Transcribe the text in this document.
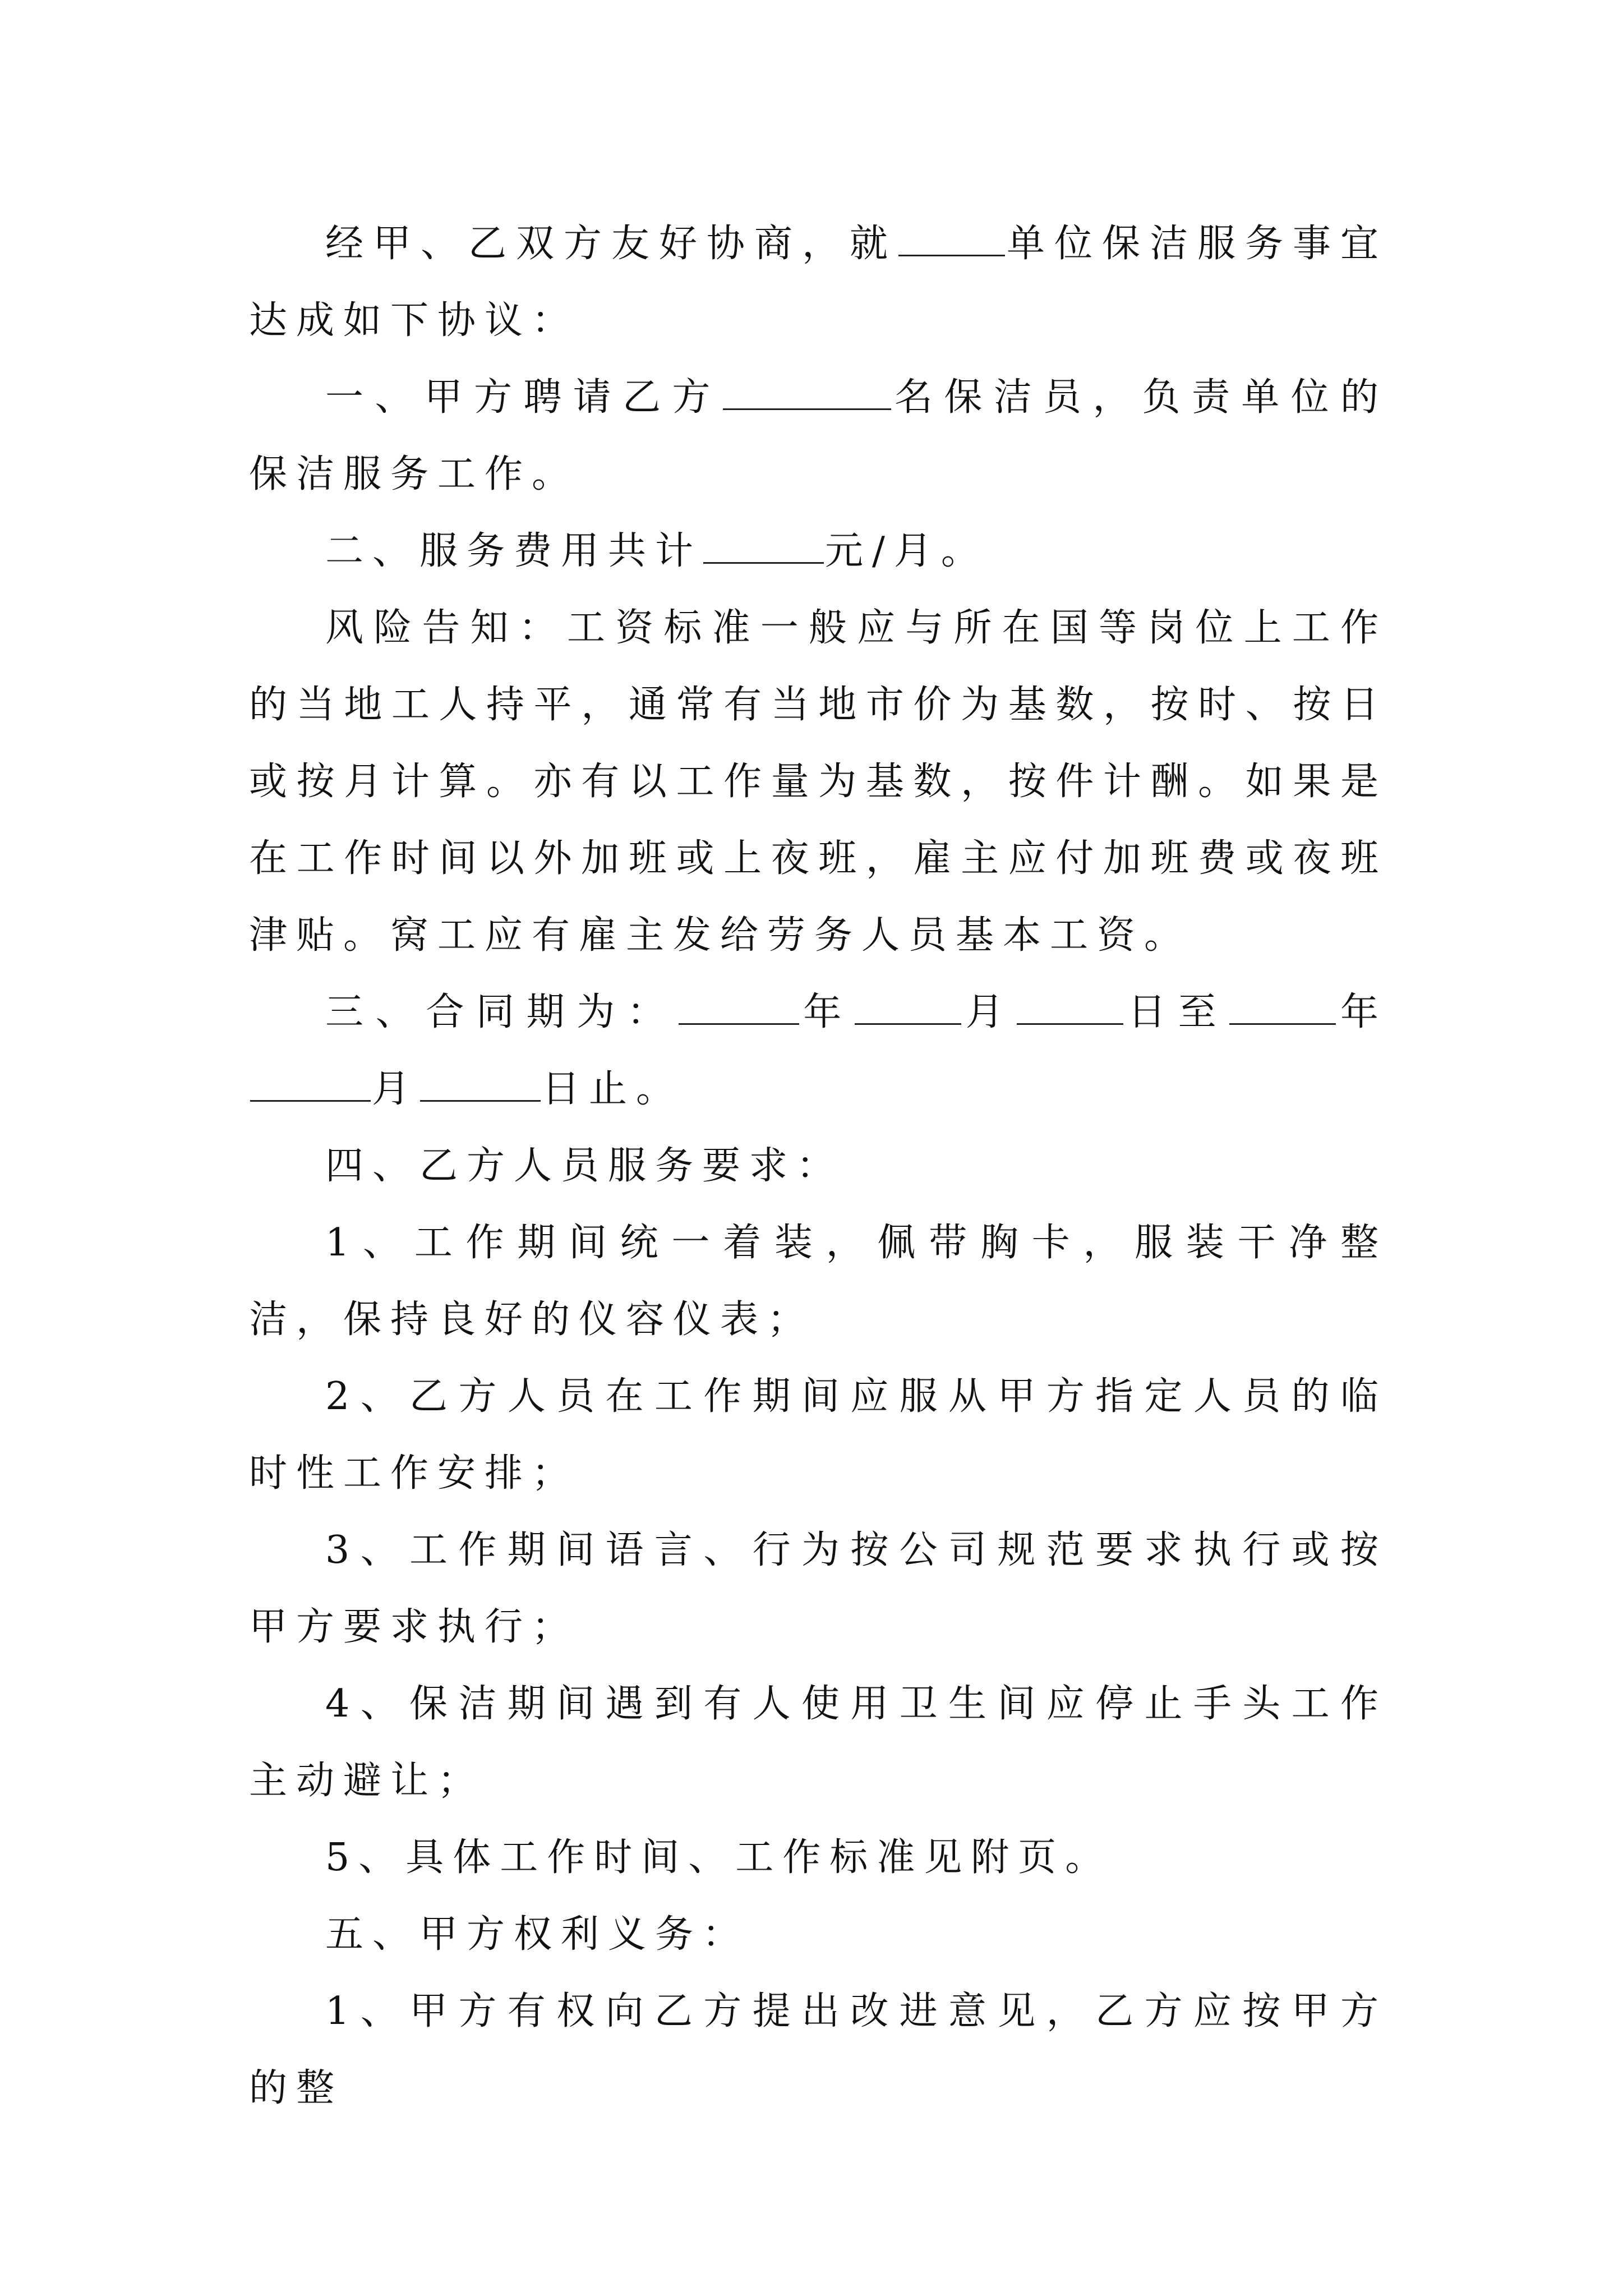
经甲、乙双方友好协商，就	单位保洁服务事宜达成如下协议：

一、甲方聘请乙方	名保洁员，负责单位的保洁服务工作。

二、服务费用共计	元/月。

风险告知：工资标准一般应与所在国等岗位上工作的当地工人持平，通常有当地市价为基数，按时、按日或按月计算。亦有以工作量为基数，按件计酬。如果是在工作时间以外加班或上夜班，雇主应付加班费或夜班津贴。窝工应有雇主发给劳务人员基本工资。

三、合同期为：	年	月	日至	年月	日止。

四、乙方人员服务要求：

1、工作期间统一着装，佩带胸卡，服装干净整洁，保持良好的仪容仪表；

2、乙方人员在工作期间应服从甲方指定人员的临时性工作安排；

3、工作期间语言、行为按公司规范要求执行或按甲方要求执行；

4、保洁期间遇到有人使用卫生间应停止手头工作主动避让；

5、具体工作时间、工作标准见附页。

五、甲方权利义务：

1、甲方有权向乙方提出改进意见，乙方应按甲方的整
